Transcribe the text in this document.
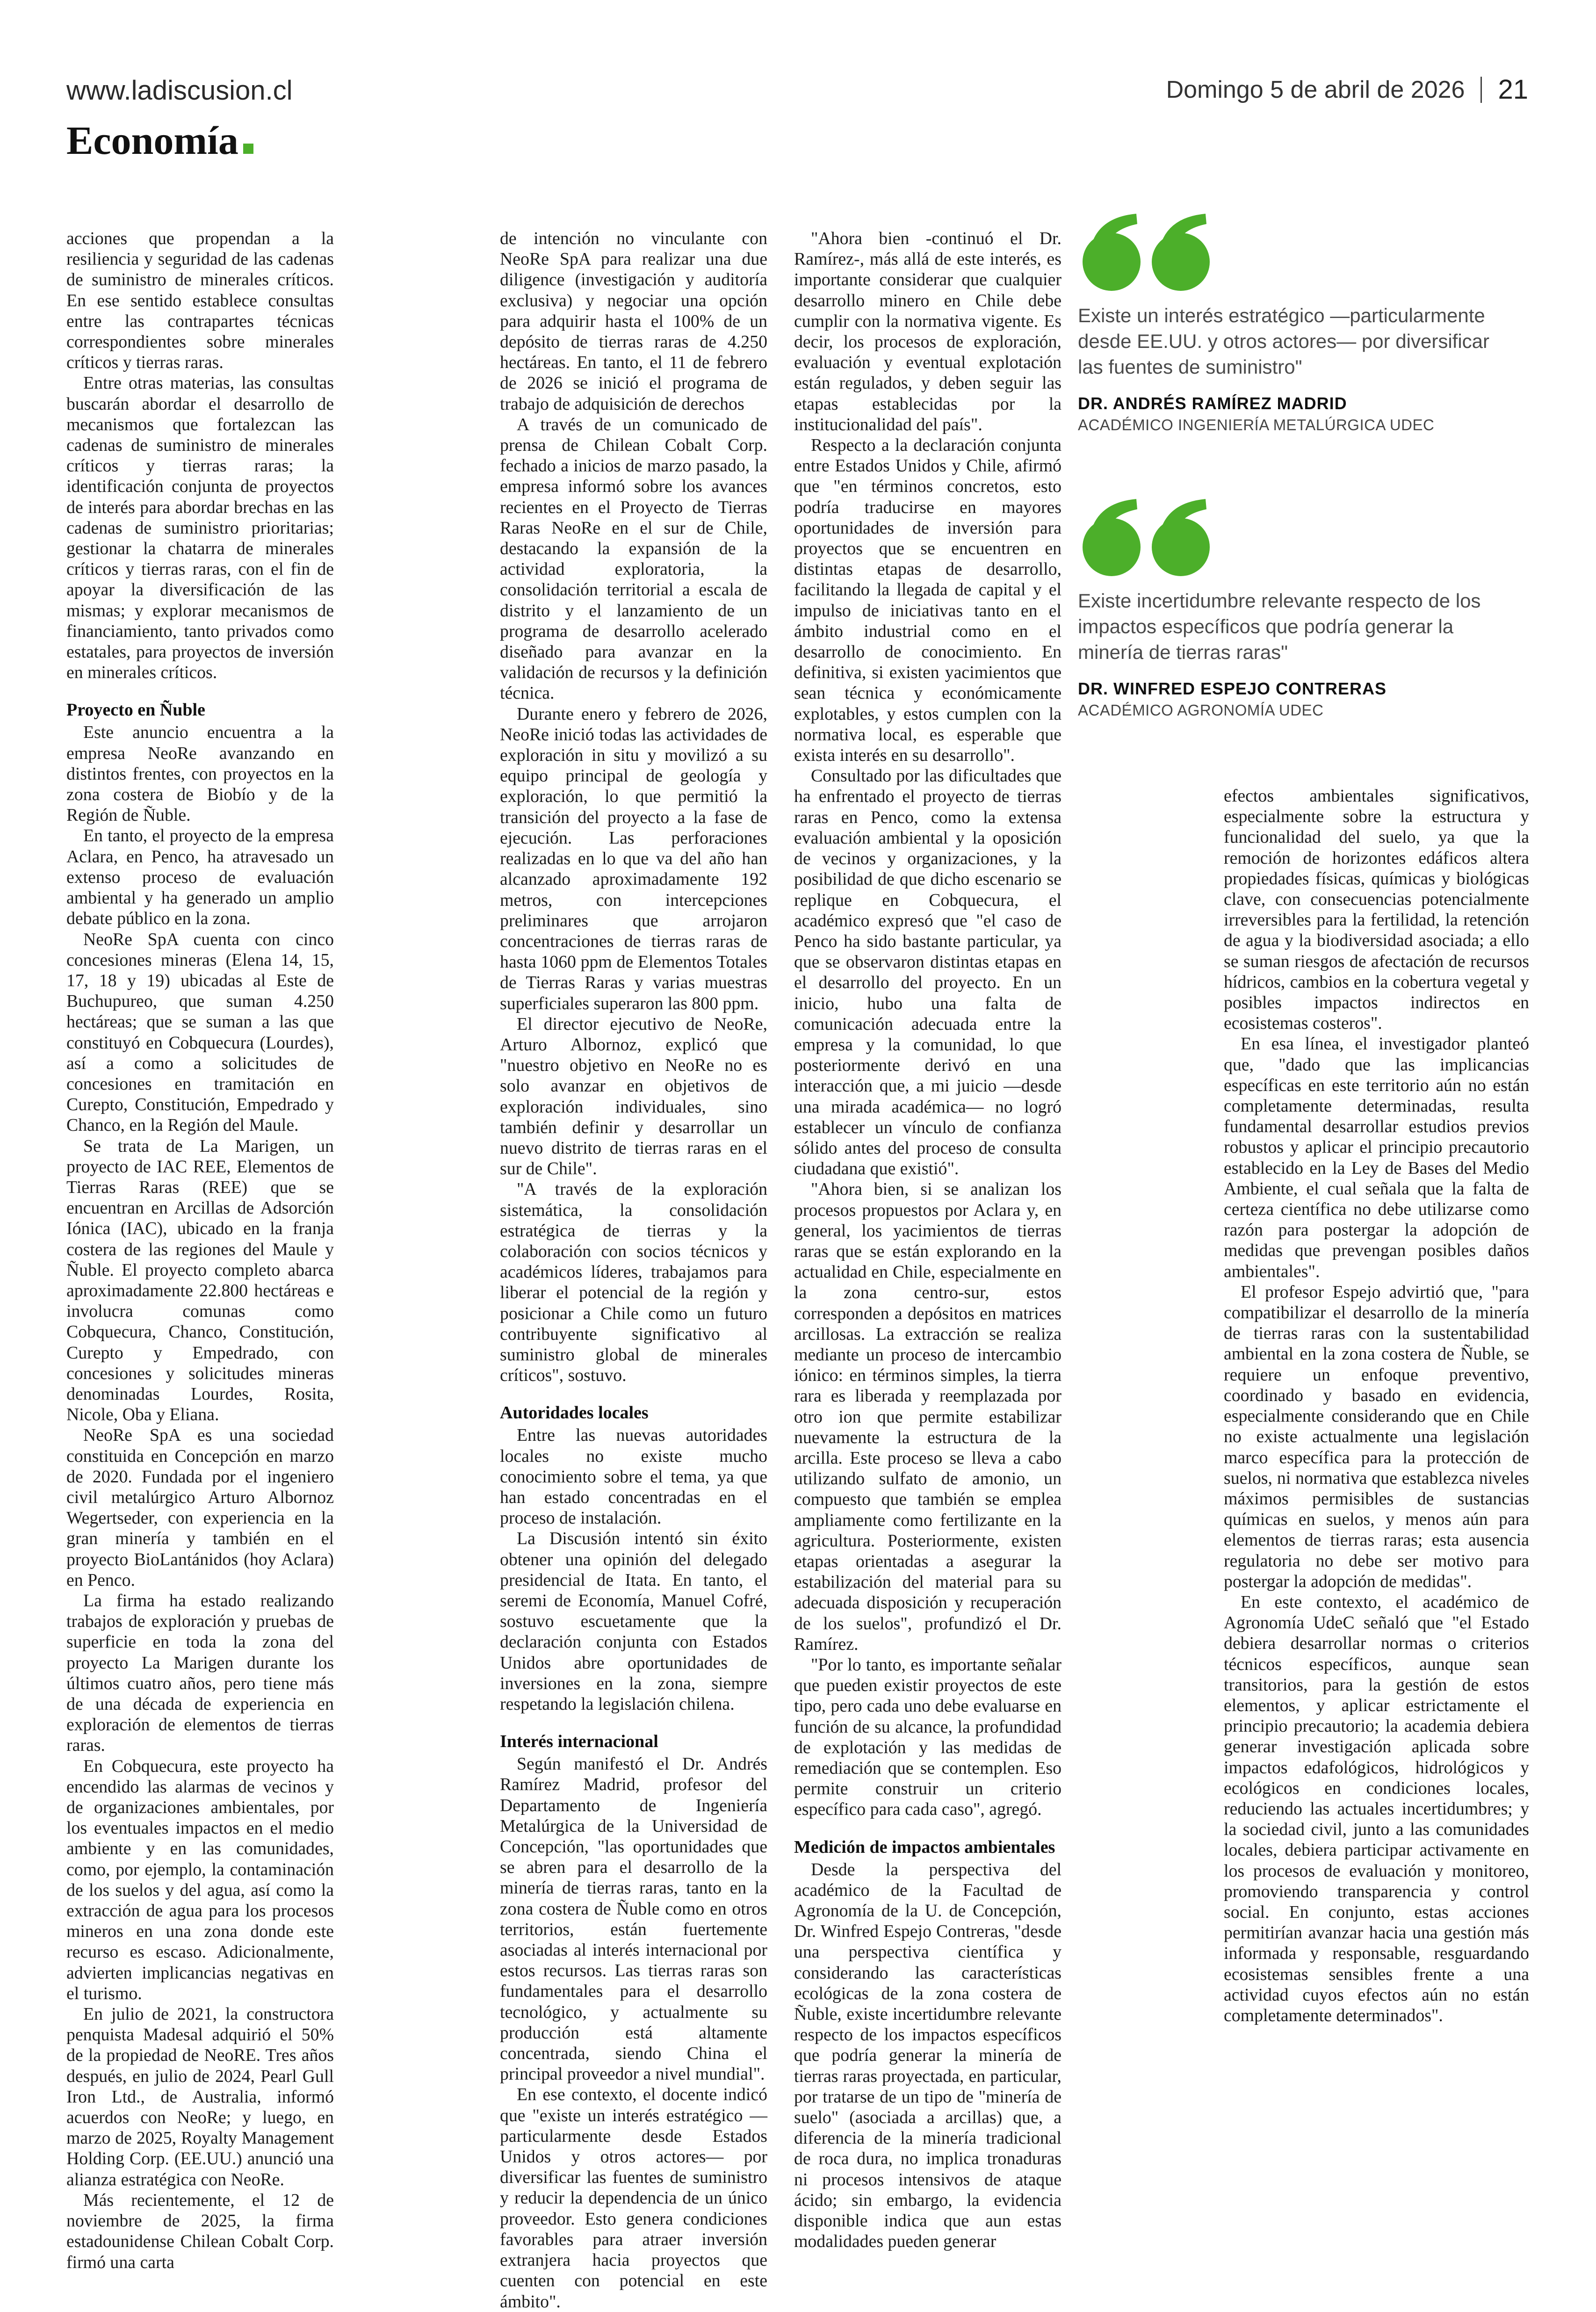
www.ladiscusion.cl	Domingo 5 de abril de 2026 21
Economía

acciones que propendan a la resiliencia y seguridad de las cadenas de suministro de minerales críticos. En ese sentido establece consultas entre las contrapartes técnicas correspondientes sobre minerales críticos y tierras raras.

Entre otras materias, las consultas buscarán abordar el desarrollo de mecanismos que fortalezcan las cadenas de suministro de minerales críticos y tierras raras; la identificación conjunta de proyectos de interés para abordar brechas en las cadenas de suministro prioritarias; gestionar la chatarra de minerales críticos y tierras raras, con el fin de apoyar la diversificación de las mismas; y explorar mecanismos de financiamiento, tanto privados como estatales, para proyectos de inversión en minerales críticos.

Proyecto en Ñuble

Este anuncio encuentra a la empresa NeoRe avanzando en distintos frentes, con proyectos en la zona costera de Biobío y de la Región de Ñuble.

En tanto, el proyecto de la empresa Aclara, en Penco, ha atravesado un extenso proceso de evaluación ambiental y ha generado un amplio debate público en la zona.

NeoRe SpA cuenta con cinco concesiones mineras (Elena 14, 15, 17, 18 y 19) ubicadas al Este de Buchupureo, que suman 4.250 hectáreas; que se suman a las que constituyó en Cobquecura (Lourdes), así a como a solicitudes de concesiones en tramitación en Curepto, Constitución, Empedrado y Chanco, en la Región del Maule.

Se trata de La Marigen, un proyecto de IAC REE, Elementos de Tierras Raras (REE) que se encuentran en Arcillas de Adsorción Iónica (IAC), ubicado en la franja costera de las regiones del Maule y Ñuble. El proyecto completo abarca aproximadamente 22.800 hectáreas e involucra comunas como Cobquecura, Chanco, Constitución, Curepto y Empedrado, con concesiones y solicitudes mineras denominadas Lourdes, Rosita, Nicole, Oba y Eliana.

NeoRe SpA es una sociedad constituida en Concepción en marzo de 2020. Fundada por el ingeniero civil metalúrgico Arturo Albornoz Wegertseder, con experiencia en la gran minería y también en el proyecto BioLantánidos (hoy Aclara) en Penco.

La firma ha estado realizando trabajos de exploración y pruebas de superficie en toda la zona del proyecto La Marigen durante los últimos cuatro años, pero tiene más de una década de experiencia en exploración de elementos de tierras raras.

En Cobquecura, este proyecto ha encendido las alarmas de vecinos y de organizaciones ambientales, por los eventuales impactos en el medio ambiente y en las comunidades, como, por ejemplo, la contaminación de los suelos y del agua, así como la extracción de agua para los procesos mineros en una zona donde este recurso es escaso. Adicionalmente, advierten implicancias negativas en el turismo.

En julio de 2021, la constructora penquista Madesal adquirió el 50% de la propiedad de NeoRE. Tres años después, en julio de 2024, Pearl Gull Iron Ltd., de Australia, informó acuerdos con NeoRe; y luego, en marzo de 2025, Royalty Management Holding Corp. (EE.UU.) anunció una alianza estratégica con NeoRe.

Más recientemente, el 12 de noviembre de 2025, la firma estadounidense Chilean Cobalt Corp. firmó una carta

de intención no vinculante con NeoRe SpA para realizar una due diligence (investigación y auditoría exclusiva) y negociar una opción para adquirir hasta el 100% de un depósito de tierras raras de 4.250 hectáreas. En tanto, el 11 de febrero de 2026 se inició el programa de trabajo de adquisición de derechos

A través de un comunicado de prensa de Chilean Cobalt Corp. fechado a inicios de marzo pasado, la empresa informó sobre los avances recientes en el Proyecto de Tierras Raras NeoRe en el sur de Chile, destacando la expansión de la actividad exploratoria, la consolidación territorial a escala de distrito y el lanzamiento de un programa de desarrollo acelerado diseñado para avanzar en la validación de recursos y la definición técnica.

Durante enero y febrero de 2026, NeoRe inició todas las actividades de exploración in situ y movilizó a su equipo principal de geología y exploración, lo que permitió la transición del proyecto a la fase de ejecución. Las perforaciones realizadas en lo que va del año han alcanzado aproximadamente 192 metros, con intercepciones preliminares que arrojaron concentraciones de tierras raras de hasta 1060 ppm de Elementos Totales de Tierras Raras y varias muestras superficiales superaron las 800 ppm.

El director ejecutivo de NeoRe, Arturo Albornoz, explicó que "nuestro objetivo en NeoRe no es solo avanzar en objetivos de exploración individuales, sino también definir y desarrollar un nuevo distrito de tierras raras en el sur de Chile".

"A través de la exploración sistemática, la consolidación estratégica de tierras y la colaboración con socios técnicos y académicos líderes, trabajamos para liberar el potencial de la región y posicionar a Chile como un futuro contribuyente significativo al suministro global de minerales críticos", sostuvo.

Autoridades locales

Entre las nuevas autoridades locales no existe mucho conocimiento sobre el tema, ya que han estado concentradas en el proceso de instalación.

La Discusión intentó sin éxito obtener una opinión del delegado presidencial de Itata. En tanto, el seremi de Economía, Manuel Cofré, sostuvo escuetamente que la declaración conjunta con Estados Unidos abre oportunidades de inversiones en la zona, siempre respetando la legislación chilena.

Interés internacional

Según manifestó el Dr. Andrés Ramírez Madrid, profesor del Departamento de Ingeniería Metalúrgica de la Universidad de Concepción, "las oportunidades que se abren para el desarrollo de la minería de tierras raras, tanto en la zona costera de Ñuble como en otros territorios, están fuertemente asociadas al interés internacional por estos recursos. Las tierras raras son fundamentales para el desarrollo tecnológico, y actualmente su producción está altamente concentrada, siendo China el principal proveedor a nivel mundial".

En ese contexto, el docente indicó que "existe un interés estratégico —particularmente desde Estados Unidos y otros actores— por diversificar las fuentes de suministro y reducir la dependencia de un único proveedor. Esto genera condiciones favorables para atraer inversión extranjera hacia proyectos que cuenten con potencial en este ámbito".

"Ahora bien -continuó el Dr. Ramírez-, más allá de este interés, es importante considerar que cualquier desarrollo minero en Chile debe cumplir con la normativa vigente. Es decir, los procesos de exploración, evaluación y eventual explotación están regulados, y deben seguir las etapas establecidas por la institucionalidad del país".

Respecto a la declaración conjunta entre Estados Unidos y Chile, afirmó que "en términos concretos, esto podría traducirse en mayores oportunidades de inversión para proyectos que se encuentren en distintas etapas de desarrollo, facilitando la llegada de capital y el impulso de iniciativas tanto en el ámbito industrial como en el desarrollo de conocimiento. En definitiva, si existen yacimientos que sean técnica y económicamente explotables, y estos cumplen con la normativa local, es esperable que exista interés en su desarrollo".

Consultado por las dificultades que ha enfrentado el proyecto de tierras raras en Penco, como la extensa evaluación ambiental y la oposición de vecinos y organizaciones, y la posibilidad de que dicho escenario se replique en Cobquecura, el académico expresó que "el caso de Penco ha sido bastante particular, ya que se observaron distintas etapas en el desarrollo del proyecto. En un inicio, hubo una falta de comunicación adecuada entre la empresa y la comunidad, lo que posteriormente derivó en una interacción que, a mi juicio —desde una mirada académica— no logró establecer un vínculo de confianza sólido antes del proceso de consulta ciudadana que existió".

"Ahora bien, si se analizan los procesos propuestos por Aclara y, en general, los yacimientos de tierras raras que se están explorando en la actualidad en Chile, especialmente en la zona centro-sur, estos corresponden a depósitos en matrices arcillosas. La extracción se realiza mediante un proceso de intercambio iónico: en términos simples, la tierra rara es liberada y reemplazada por otro ion que permite estabilizar nuevamente la estructura de la arcilla. Este proceso se lleva a cabo utilizando sulfato de amonio, un compuesto que también se emplea ampliamente como fertilizante en la agricultura. Posteriormente, existen etapas orientadas a asegurar la estabilización del material para su adecuada disposición y recuperación de los suelos", profundizó el Dr. Ramírez.

"Por lo tanto, es importante señalar que pueden existir proyectos de este tipo, pero cada uno debe evaluarse en función de su alcance, la profundidad de explotación y las medidas de remediación que se contemplen. Eso permite construir un criterio específico para cada caso", agregó.

Medición de impactos ambientales

Desde la perspectiva del académico de la Facultad de Agronomía de la U. de Concepción, Dr. Winfred Espejo Contreras, "desde una perspectiva científica y considerando las características ecológicas de la zona costera de Ñuble, existe incertidumbre relevante respecto de los impactos específicos que podría generar la minería de tierras raras proyectada, en particular, por tratarse de un tipo de "minería de suelo" (asociada a arcillas) que, a diferencia de la minería tradicional de roca dura, no implica tronaduras ni procesos intensivos de ataque ácido; sin embargo, la evidencia disponible indica que aun estas modalidades pueden generar

efectos ambientales significativos, especialmente sobre la estructura y funcionalidad del suelo, ya que la remoción de horizontes edáficos altera propiedades físicas, químicas y biológicas clave, con consecuencias potencialmente irreversibles para la fertilidad, la retención de agua y la biodiversidad asociada; a ello se suman riesgos de afectación de recursos hídricos, cambios en la cobertura vegetal y posibles impactos indirectos en ecosistemas costeros".

En esa línea, el investigador planteó que, "dado que las implicancias específicas en este territorio aún no están completamente determinadas, resulta fundamental desarrollar estudios previos robustos y aplicar el principio precautorio establecido en la Ley de Bases del Medio Ambiente, el cual señala que la falta de certeza científica no debe utilizarse como razón para postergar la adopción de medidas que prevengan posibles daños ambientales".

El profesor Espejo advirtió que, "para compatibilizar el desarrollo de la minería de tierras raras con la sustentabilidad ambiental en la zona costera de Ñuble, se requiere un enfoque preventivo, coordinado y basado en evidencia, especialmente considerando que en Chile no existe actualmente una legislación marco específica para la protección de suelos, ni normativa que establezca niveles máximos permisibles de sustancias químicas en suelos, y menos aún para elementos de tierras raras; esta ausencia regulatoria no debe ser motivo para postergar la adopción de medidas".

En este contexto, el académico de Agronomía UdeC señaló que "el Estado debiera desarrollar normas o criterios técnicos específicos, aunque sean transitorios, para la gestión de estos elementos, y aplicar estrictamente el principio precautorio; la academia debiera generar investigación aplicada sobre impactos edafológicos, hidrológicos y ecológicos en condiciones locales, reduciendo las actuales incertidumbres; y la sociedad civil, junto a las comunidades locales, debiera participar activamente en los procesos de evaluación y monitoreo, promoviendo transparencia y control social. En conjunto, estas acciones permitirían avanzar hacia una gestión más informada y responsable, resguardando ecosistemas sensibles frente a una actividad cuyos efectos aún no están completamente determinados".

Existe un interés estratégico —particularmente desde EE.UU. y otros actores— por diversificar las fuentes de suministro"
DR. ANDRÉS RAMÍREZ MADRID
ACADÉMICO INGENIERÍA METALÚRGICA UDEC
Existe incertidumbre relevante respecto de los impactos específicos que podría generar la minería de tierras raras"
DR. WINFRED ESPEJO CONTRERAS
ACADÉMICO AGRONOMÍA UDEC
